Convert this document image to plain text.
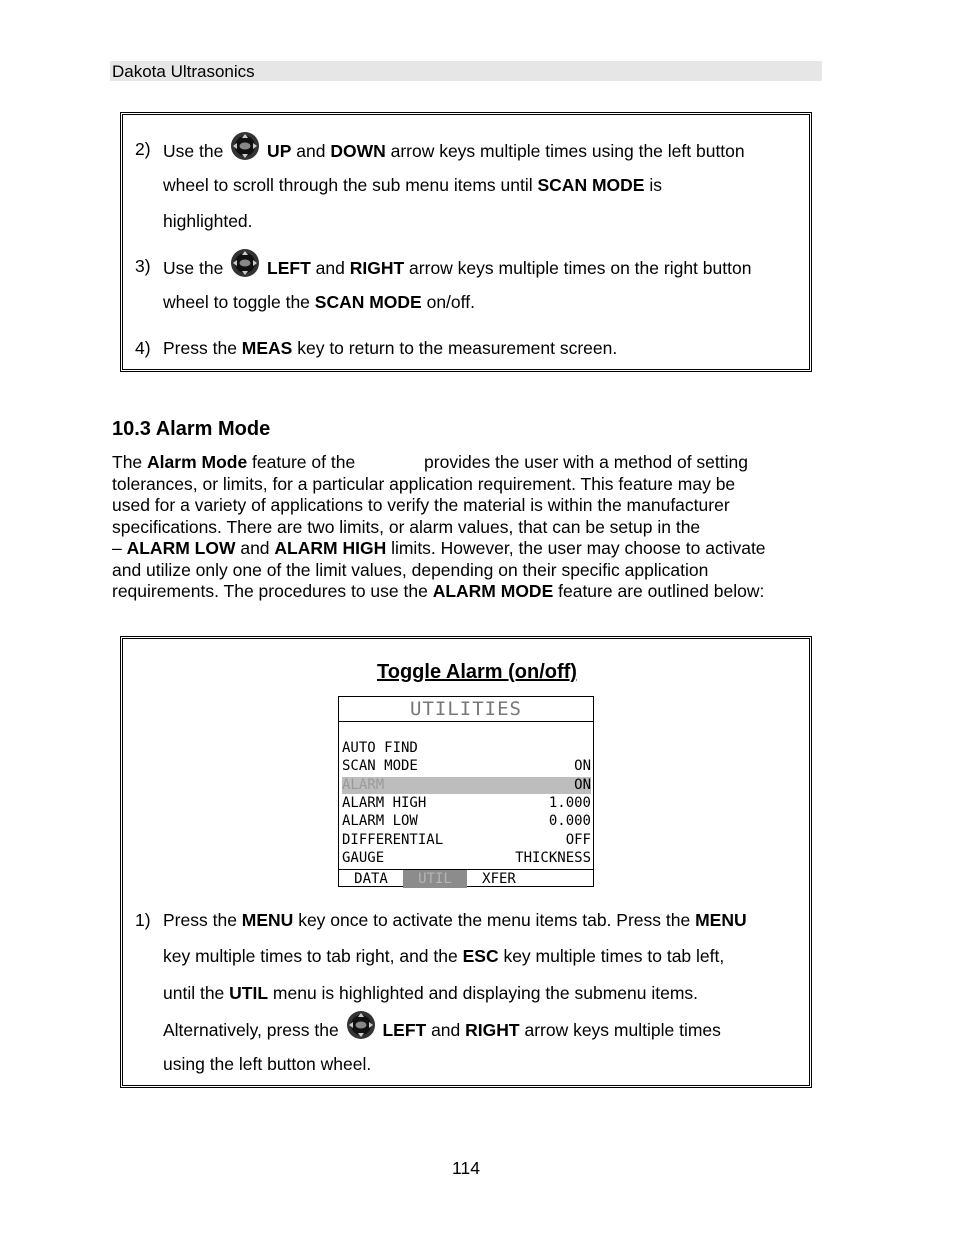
Dakota Ultrasonics
2) Use the  UP and DOWN arrow keys multiple times using the left button
wheel to scroll through the sub menu items until SCAN MODE is
highlighted.
3) Use the  LEFT and RIGHT arrow keys multiple times on the right button
wheel to toggle the SCAN MODE on/off.
4) Press the MEAS key to return to the measurement screen.
10.3 Alarm Mode
The Alarm Mode feature of the	provides the user with a method of setting
tolerances, or limits, for a particular application requirement. This feature may be
used for a variety of applications to verify the material is within the manufacturer
specifications. There are two limits, or alarm values, that can be setup in the
– ALARM LOW and ALARM HIGH limits. However, the user may choose to activate
and utilize only one of the limit values, depending on their specific application
requirements. The procedures to use the ALARM MODE feature are outlined below:
Toggle Alarm (on/off)
UTILITIES
AUTO FIND
SCAN MODE	ON
ALARM	ON
ALARM HIGH	1.000
ALARM LOW	0.000
DIFFERENTIAL	OFF
GAUGE	THICKNESS
DATA	UTIL	XFER
1) Press the MENU key once to activate the menu items tab. Press the MENU
key multiple times to tab right, and the ESC key multiple times to tab left,
until the UTIL menu is highlighted and displaying the submenu items.
Alternatively, press the  LEFT and RIGHT arrow keys multiple times
using the left button wheel.
114
